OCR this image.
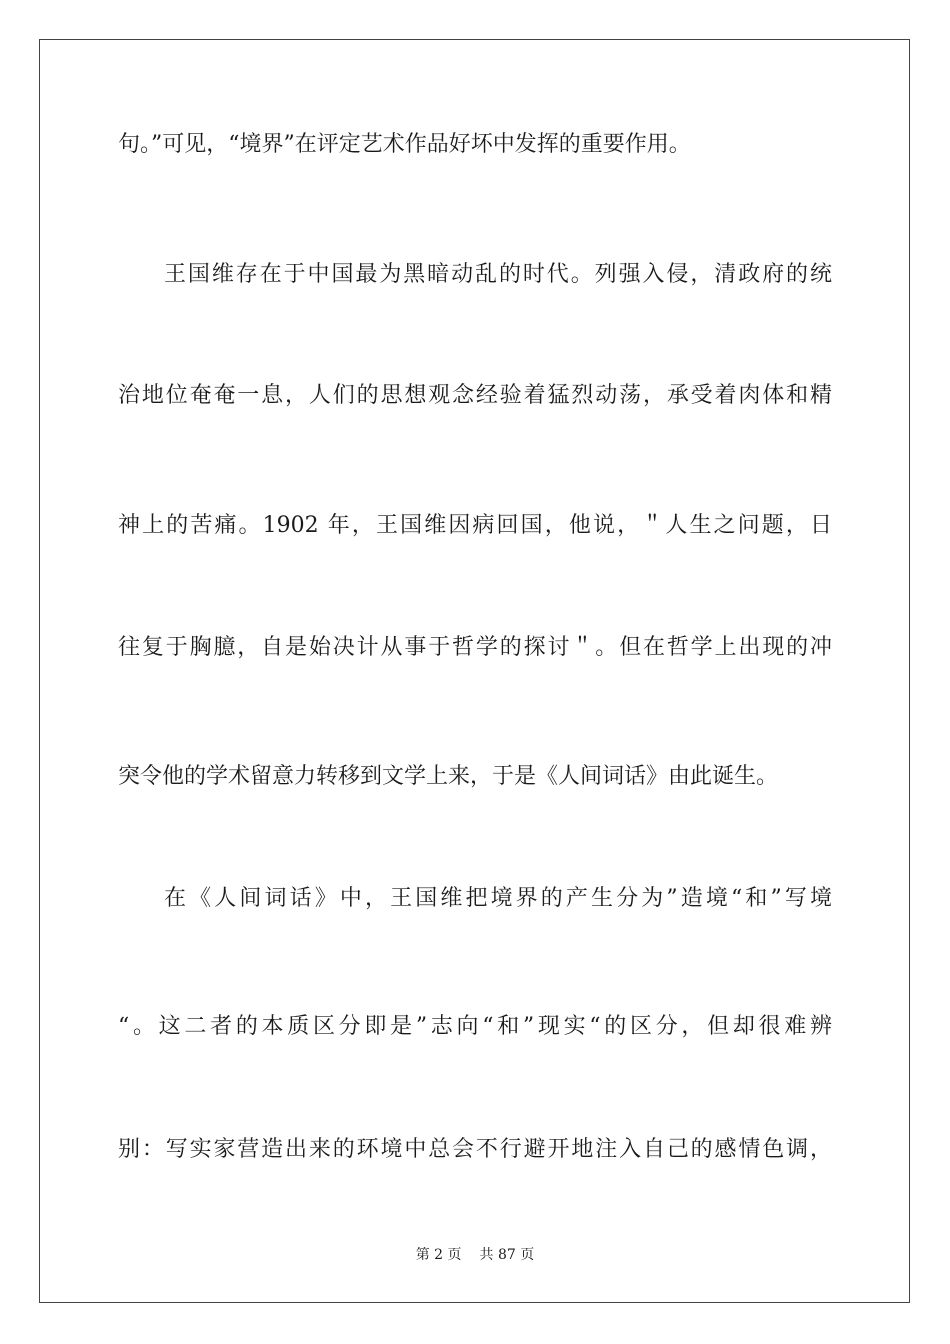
句。”可见，“境界”在评定艺术作品好坏中发挥的重要作用。
王国维存在于中国最为黑暗动乱的时代。列强入侵，清政府的统
治地位奄奄一息，人们的思想观念经验着猛烈动荡，承受着肉体和精
神上的苦痛。1902 年，王国维因病回国，他说，＂人生之问题，日
往复于胸臆，自是始决计从事于哲学的探讨＂。但在哲学上出现的冲
突令他的学术留意力转移到文学上来，于是《人间词话》由此诞生。
在《人间词话》中，王国维把境界的产生分为”造境“和”写境
“。这二者的本质区分即是”志向“和”现实“的区分，但却很难辨
别：写实家营造出来的环境中总会不行避开地注入自己的感情色调，
第 2 页 共 87 页
